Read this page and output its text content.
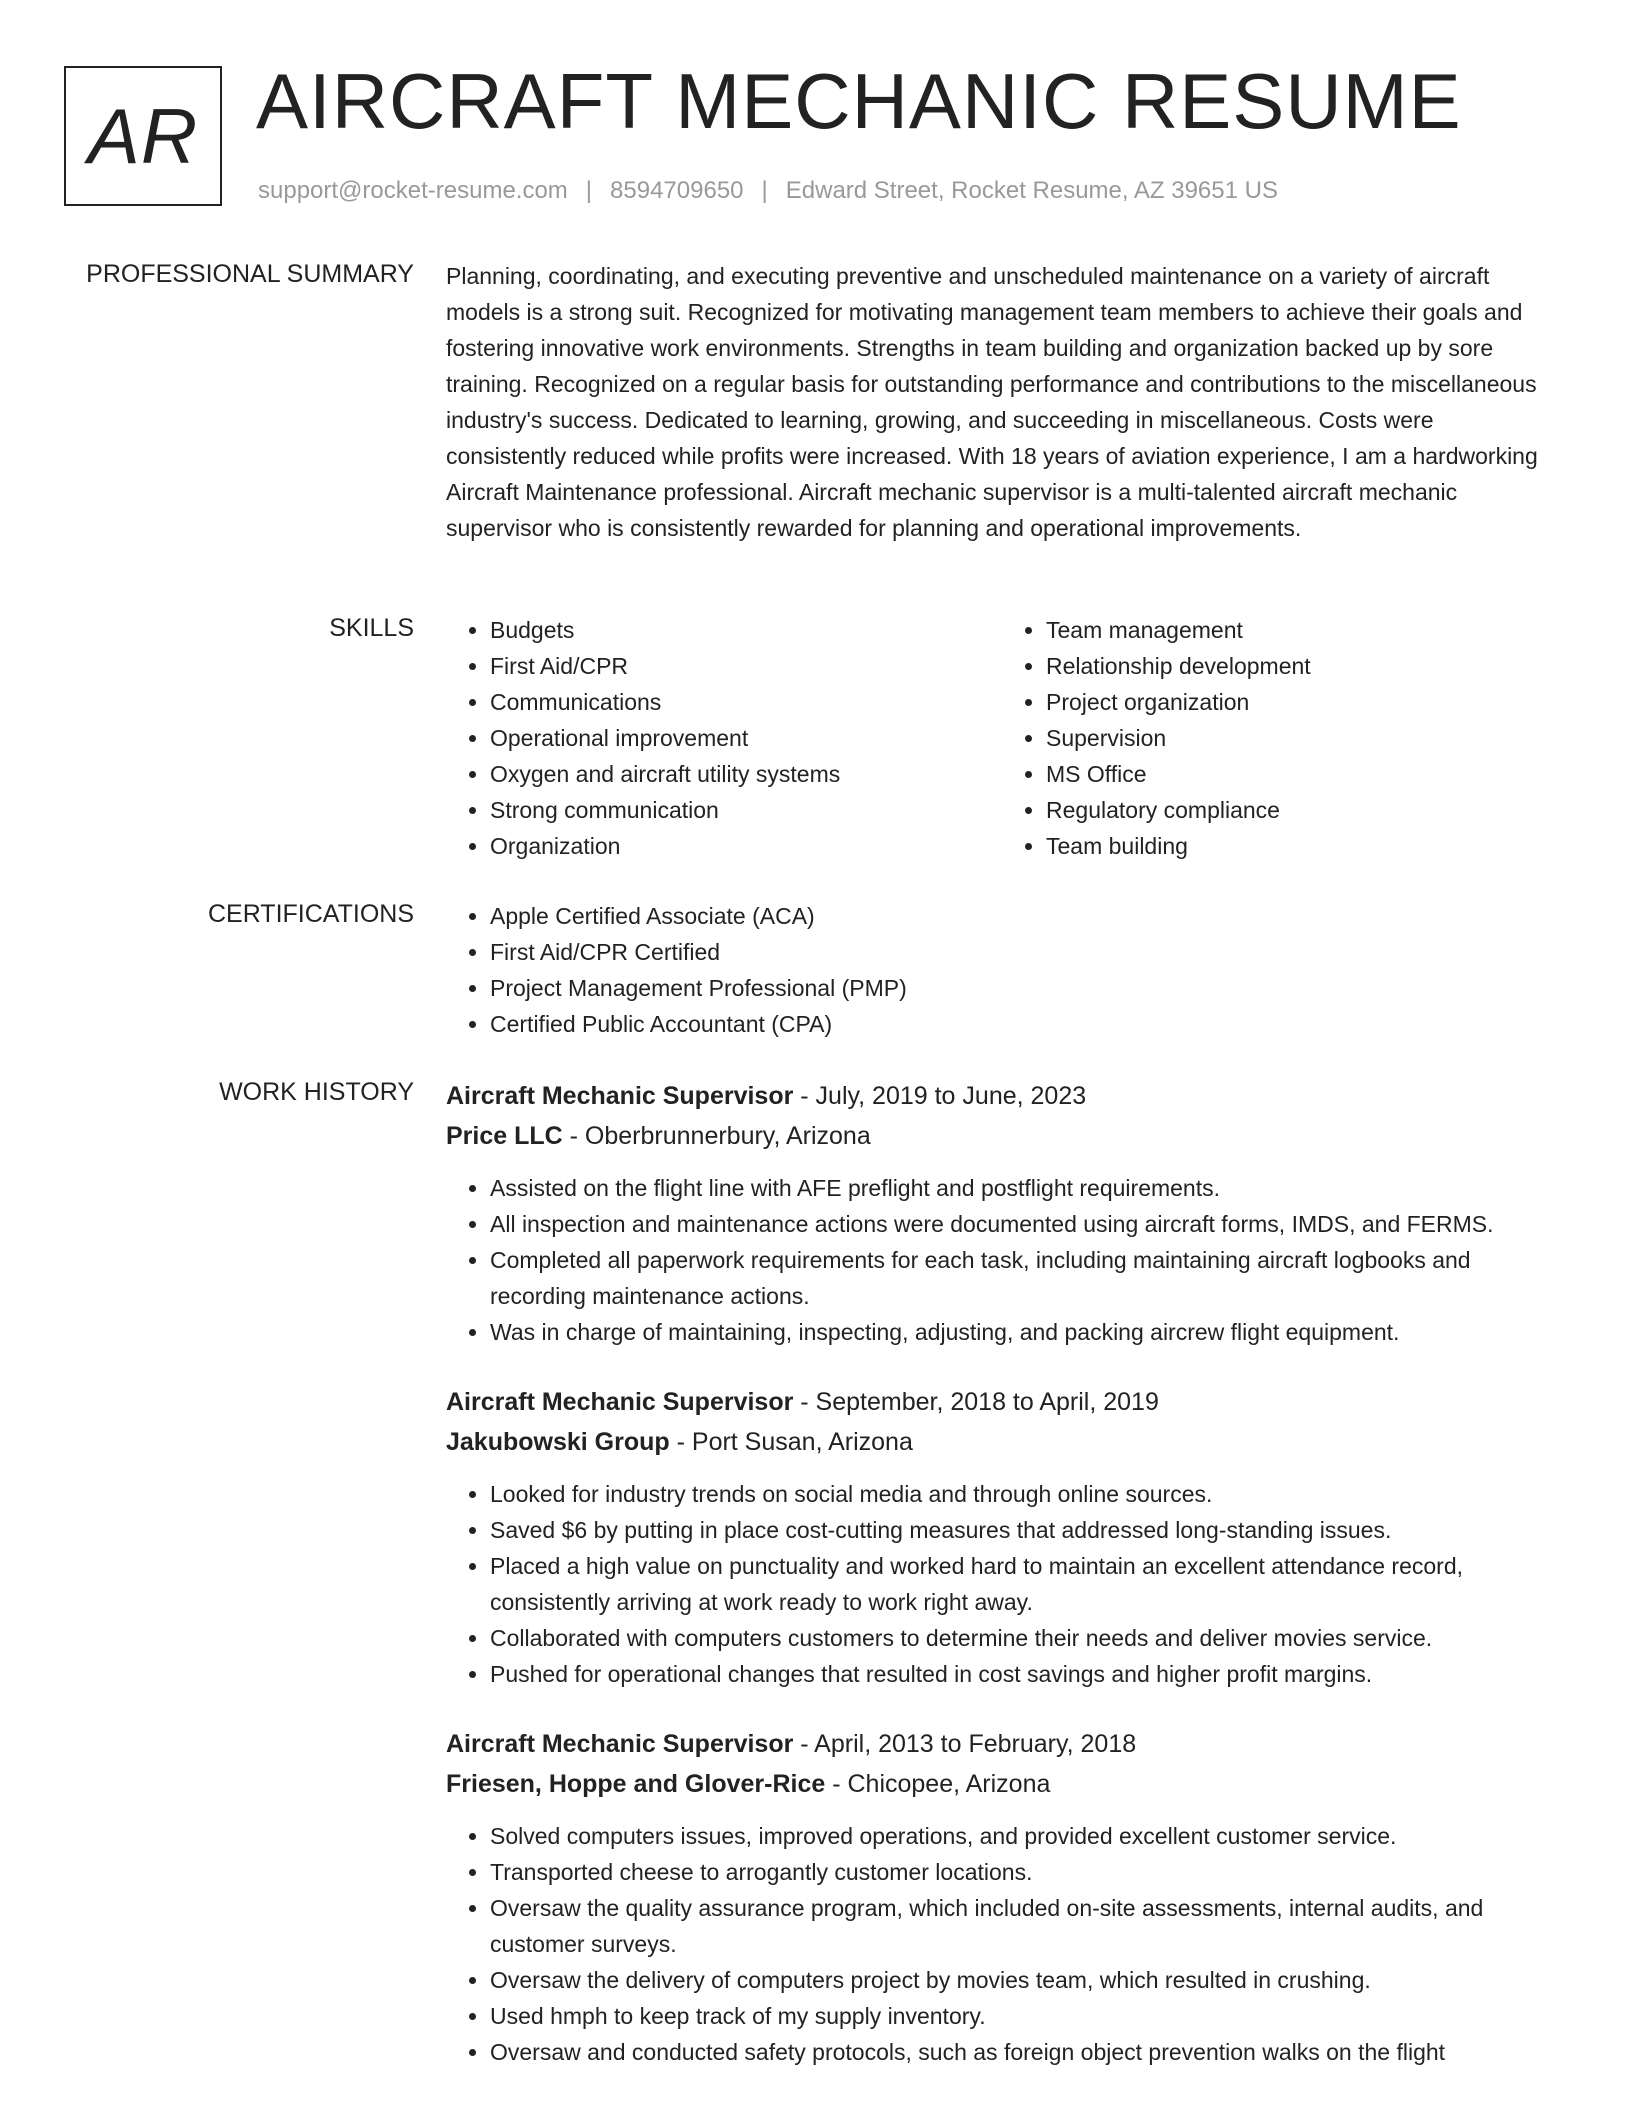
AR AIRCRAFT MECHANIC RESUME
support@rocket-resume.com | 8594709650 | Edward Street, Rocket Resume, AZ 39651 US
PROFESSIONAL SUMMARY Planning, coordinating, and executing preventive and unscheduled maintenance on a variety of aircraft models is a strong suit. Recognized for motivating management team members to achieve their goals and fostering innovative work environments. Strengths in team building and organization backed up by sore training. Recognized on a regular basis for outstanding performance and contributions to the miscellaneous industry's success. Dedicated to learning, growing, and succeeding in miscellaneous. Costs were consistently reduced while profits were increased. With 18 years of aviation experience, I am a hardworking Aircraft Maintenance professional. Aircraft mechanic supervisor is a multi-talented aircraft mechanic supervisor who is consistently rewarded for planning and operational improvements.
SKILLS	• Budgets
• First Aid/CPR
• Communications
• Operational improvement
• Oxygen and aircraft utility systems
• Strong communication
• Organization
• Team management
• Relationship development
• Project organization
• Supervision
• MS Office
• Regulatory compliance
• Team building
CERTIFICATIONS	• Apple Certified Associate (ACA)
• First Aid/CPR Certified
• Project Management Professional (PMP)
• Certified Public Accountant (CPA)
WORK HISTORY Aircraft Mechanic Supervisor - July, 2019 to June, 2023
Price LLC - Oberbrunnerbury, Arizona
• Assisted on the flight line with AFE preflight and postflight requirements.
• All inspection and maintenance actions were documented using aircraft forms, IMDS, and FERMS.
• Completed all paperwork requirements for each task, including maintaining aircraft logbooks and recording maintenance actions.
• Was in charge of maintaining, inspecting, adjusting, and packing aircrew flight equipment.
Aircraft Mechanic Supervisor - September, 2018 to April, 2019
Jakubowski Group - Port Susan, Arizona
• Looked for industry trends on social media and through online sources.
• Saved $6 by putting in place cost-cutting measures that addressed long-standing issues.
• Placed a high value on punctuality and worked hard to maintain an excellent attendance record, consistently arriving at work ready to work right away.
• Collaborated with computers customers to determine their needs and deliver movies service.
• Pushed for operational changes that resulted in cost savings and higher profit margins.
Aircraft Mechanic Supervisor - April, 2013 to February, 2018
Friesen, Hoppe and Glover-Rice - Chicopee, Arizona
• Solved computers issues, improved operations, and provided excellent customer service.
• Transported cheese to arrogantly customer locations.
• Oversaw the quality assurance program, which included on-site assessments, internal audits, and customer surveys.
• Oversaw the delivery of computers project by movies team, which resulted in crushing.
• Used hmph to keep track of my supply inventory.
• Oversaw and conducted safety protocols, such as foreign object prevention walks on the flight
